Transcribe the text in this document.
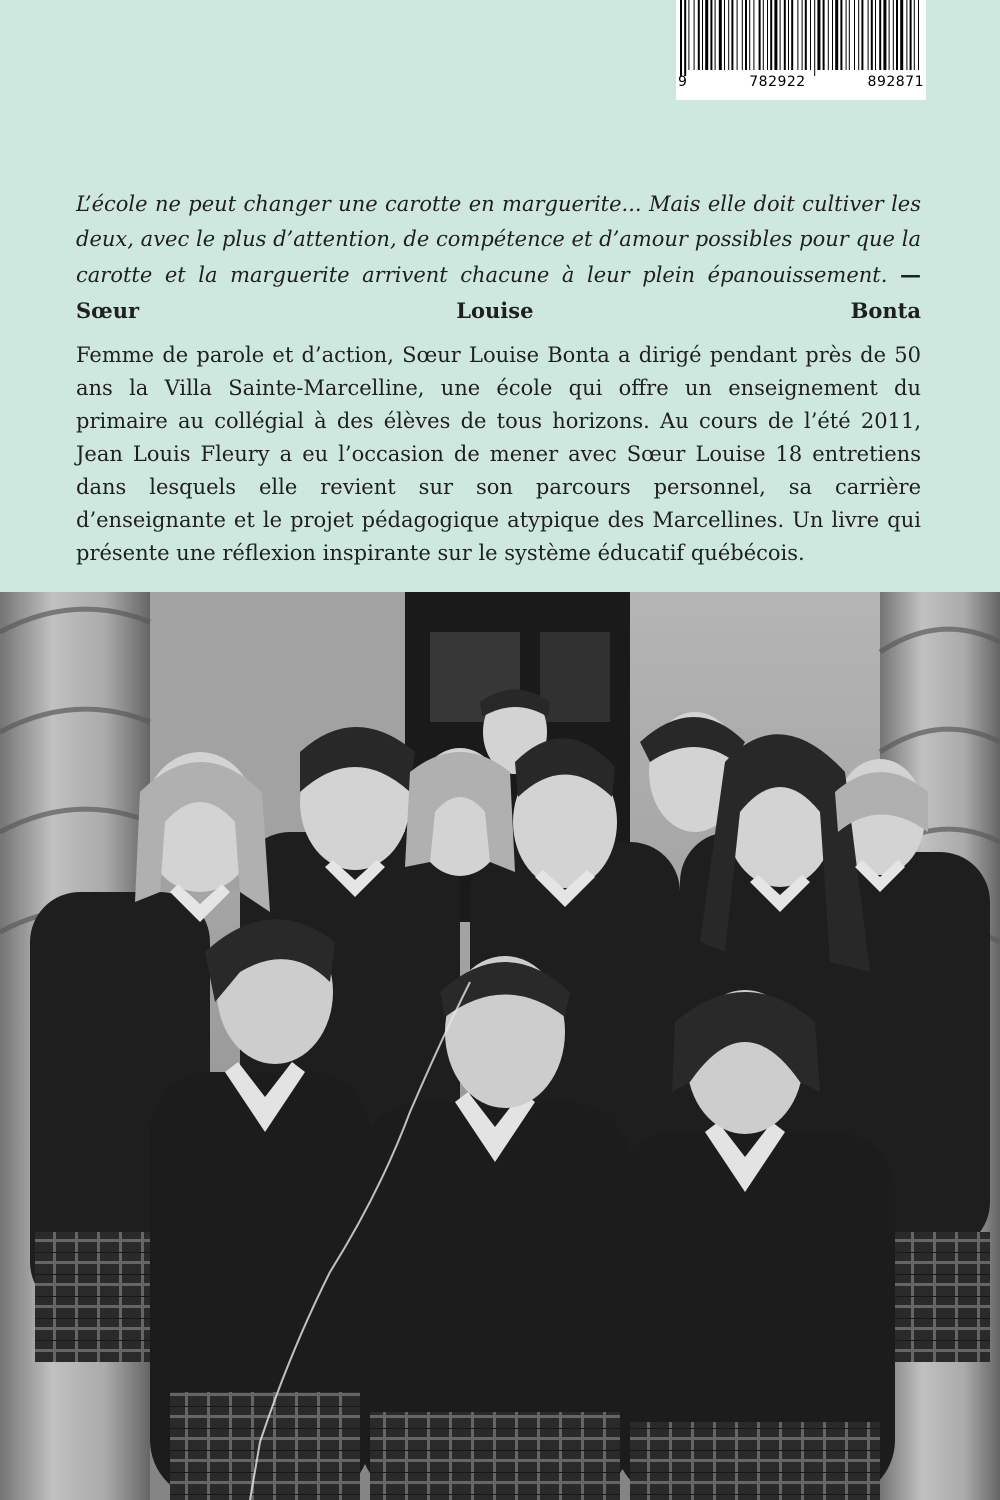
9 782922 892871

L’école ne peut changer une carotte en marguerite... Mais elle doit cultiver les deux, avec le plus d’attention, de compétence et d’amour possibles pour que la carotte et la marguerite arrivent chacune à leur plein épanouissement. — Sœur Louise Bonta

Femme de parole et d’action, Sœur Louise Bonta a dirigé pendant près de 50 ans la Villa Sainte-Marcelline, une école qui offre un enseignement du primaire au collégial à des élèves de tous horizons. Au cours de l’été 2011, Jean Louis Fleury a eu l’occasion de mener avec Sœur Louise 18 entretiens dans lesquels elle revient sur son parcours personnel, sa carrière d’enseignante et le projet pédagogique atypique des Marcellines. Un livre qui présente une réflexion inspirante sur le système éducatif québécois.
